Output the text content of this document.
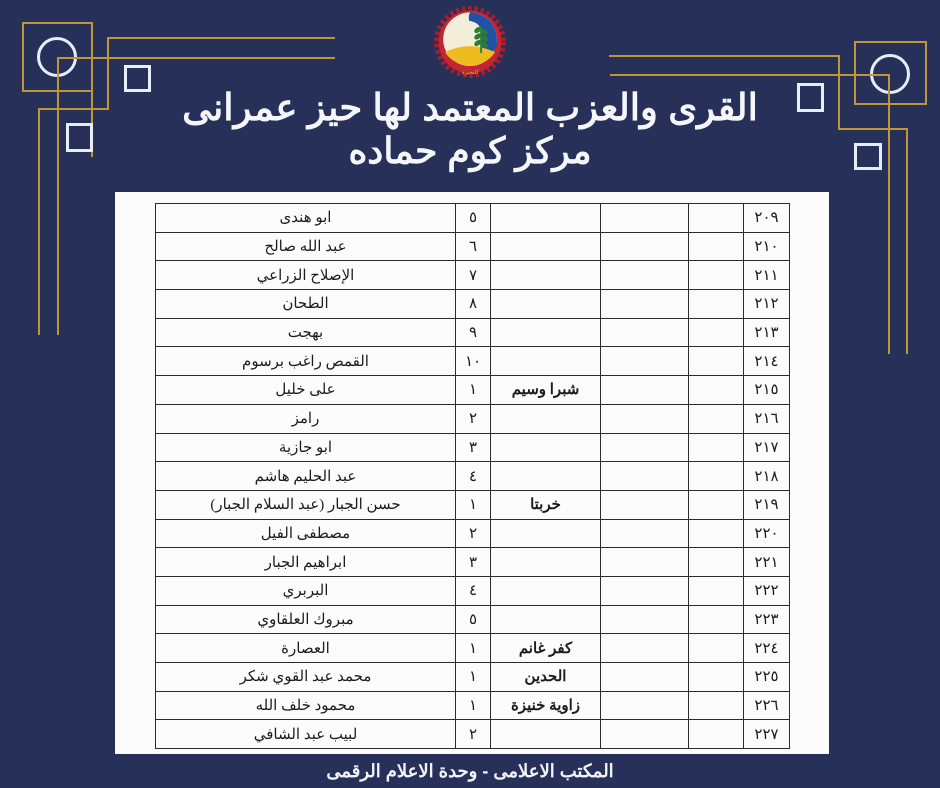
البحيرة
القرى والعزب المعتمد لها حيز عمرانى
مركز كوم حماده
٢٠٩				٥	ابو هندى
٢١٠				٦	عبد الله صالح
٢١١				٧	الإصلاح الزراعي
٢١٢				٨	الطحان
٢١٣				٩	بهجت
٢١٤				١٠	القمص راغب برسوم
٢١٥			شبرا وسيم	١	على خليل
٢١٦				٢	رامز
٢١٧				٣	ابو جازية
٢١٨				٤	عبد الحليم هاشم
٢١٩			خربتا	١	حسن الجبار (عبد السلام الجبار)
٢٢٠				٢	مصطفى الفيل
٢٢١				٣	ابراهيم الجبار
٢٢٢				٤	البربري
٢٢٣				٥	مبروك العلقاوي
٢٢٤			كفر غانم	١	العصارة
٢٢٥			الحدين	١	محمد عبد القوي شكر
٢٢٦			زاوية خنيزة	١	محمود خلف الله
٢٢٧				٢	لبيب عبد الشافي
المكتب الاعلامى - وحدة الاعلام الرقمى
